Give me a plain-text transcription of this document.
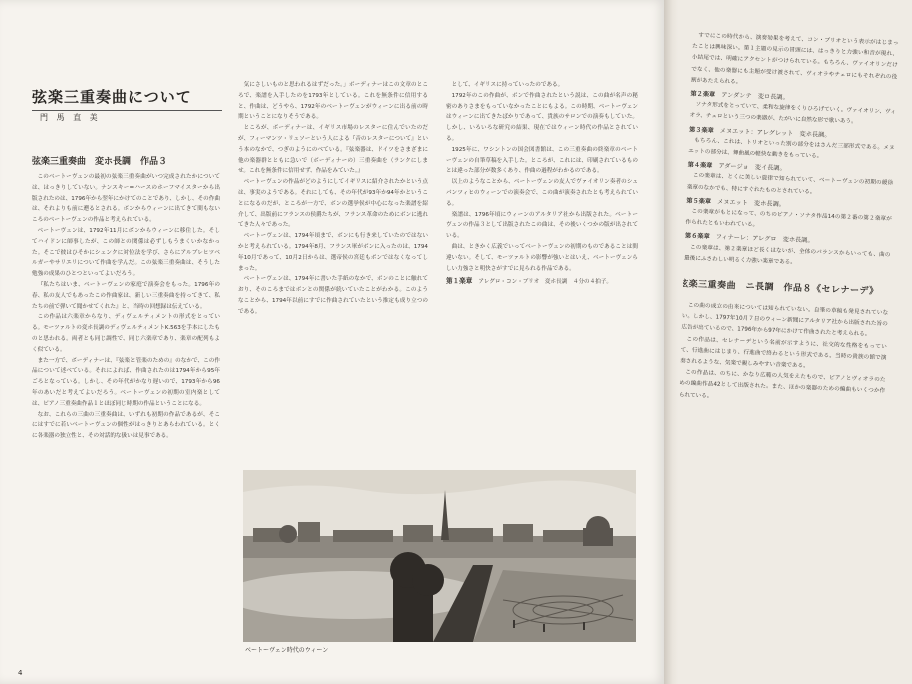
弦楽三重奏曲について
門 馬 直 美
弦楽三重奏曲　変ホ長調　作品３

このベートーヴェンの最初の弦楽三重奏曲がいつ完成されたかについては、はっきりしていない。ナンスキー=ハースのホーフマイスターから出版されたのは、1796年から翌年にかけてのことであり、しかし、その作曲は、それよりも前に遡るとされる。ボンからウィーンに出てきて間もないころのベートーヴェンの作品と考えられている。

ベートーヴェンは、1792年11月にボンからウィーンに移住した。そしてハイドンに師事したが、この師との関係は必ずしもうまくいかなかった。そこで彼はひそかにシェンクに対位法を学び、さらにアルブレヒツベルガーやサリエリについて作曲を学んだ。この弦楽三重奏曲は、そうした勉強の成果のひとつといってよいだろう。

『私たちはいま、ベートーヴェンの家庭で演奏会をもった。1796年の春、私の友人でもあったこの作曲家は、新しい三重奏曲を持ってきて、私たちの前で弾いて聞かせてくれた』と、当時の回想録は伝えている。

この作品は六楽章からなり、ディヴェルティメントの形式をとっている。モーツァルトの変ホ長調のディヴェルティメントK.563を手本にしたものと思われる。両者とも同じ調性で、同じ六楽章であり、楽章の配列もよく似ている。

また一方で、ボーディナーは、『弦楽と管楽のための』のなかで、この作品について述べている。それによれば、作曲されたのは1794年から95年ごろとなっている。しかし、その年代がかなり遅いので、1793年から96年のあいだと考えてよいだろう。ベートーヴェンの初期の室内楽としては、ピアノ三重奏曲作品１とほぼ同じ時期の作品ということになる。

なお、これらの三曲の三重奏曲は、いずれも初期の作品であるが、そこにはすでに若いベートーヴェンの個性がはっきりとあらわれている。とくに各楽器の独立性と、その対話的な扱いは見事である。

気にさしいものと思われるはずだった。」ボーディナーはこの文章のところで、楽譜を入手したのを1793年としている。これを無条件に信用すると、作曲は、どうやら、1792年のベートーヴェンがウィーンに出る前の時期ということになりそうである。

ところが、ボーディナーは、イギリス市場のレスターに住んでいたのだが、フィーマンツ・リュソーという人による『音のレスターについて』という本のなかで、つぎのようにのべている。『弦楽器は、ドイツをさまざまに他の楽器群とともに急いで（ボーディナーの）三重奏曲を（ランクにしませ。これを無条件に信用せず、作品をみていた。』

ベートーヴェンの作品がどのようにしてイギリスに紹介されたかという点は、事実のようである。それにしても、その年代が93年か94年かということになるのだが、ところが一方で、ボンの選挙侯が中心になった楽譜を紹介して、出版前にフランスの侯爵たちが、フランス革命のためにボンに逃れてきた人々であった。

ベートーヴェンは、1794年頃まで、ボンにも行き来していたのではないかと考えられている。1794年8月、フランス軍がボンに入ったのは、1794年10月であって、10月2日からは、選帝侯の宮廷もボンではなくなってしまった。

ベートーヴェンは、1794年に書いた手紙のなかで、ボンのことに触れており、そのころまではボンとの関係が続いていたことがわかる。このようなことから、1794年以前にすでに作曲されていたという推定も成り立つのである。

として、イギリスに持っていったのである。

1792年のこの作曲が、ボンで作曲されたという説は、この曲が名声の秘密のありさまをもっていなかったことにもよる。この時期、ベートーヴェンはウィーンに出てきたばかりであって、貴族のサロンでの演奏もしていた。しかし、いろいろな研究の結果、現在ではウィーン時代の作品とされている。

1925年に、ワシントンの国会図書館は、この三重奏曲の終楽章のベートーヴェンの自筆草稿を入手した。ところが、これには、印刷されているものとは違った部分が数多くあり、作曲の過程がわかるのである。

以上のようなことから、ベートーヴェンの友人でヴァイオリン奏者のシュパンツィヒのウィーンでの演奏会で、この曲が演奏されたとも考えられている。

楽譜は、1796年頃にウィーンのアルタリア社から出版された。ベートーヴェンの作品３として出版されたこの曲は、その後いくつかの版が出されている。

曲は、ときかく広義でいってベートーヴェンの初期のものであることは間違いない。そして、モーツァルトの影響が強いとはいえ、ベートーヴェンらしい力強さと明快さがすでに見られる作品である。

第１楽章 アレグロ・コン・ブリオ　変ホ長調　４分の４拍子。

ベートーヴェン時代のウィーン
4

すでにこの時代から、演奏効果を考えて、コン・ブリオという表示がはじまったことは興味深い。第１主題の見示の冒頭には、はっきりと力強い和音が現れ、小結尾では、明確にアクセントがつけられている。もちろん、ヴァイオリンだけでなく、他の楽器にも主題が受け渡されて、ヴィオラやチェロにもそれぞれの役割があたえられる。

第２楽章 アンダンテ　変ロ長調。

ソナタ形式をとっていて、柔和な旋律をくりひろげていく。ヴァイオリン、ヴィオラ、チェロという三つの楽器が、たがいに自然な形で歌いあう。

第３楽章 メヌエット：アレグレット　変ホ長調。

もちろん、これは、トリオといった別の部分をはさんだ三部形式である。メヌエットの部分は、舞曲風の軽快な動きをもっている。

第４楽章 アダージョ　変イ長調。

この楽章は、とくに美しい旋律で知られていて、ベートーヴェンの初期の緩徐楽章のなかでも、特にすぐれたものとされている。

第５楽章 メヌエット　変ホ長調。

この楽章がもとになって、のちのピアノ・ソナタ作品14の第２番の第２楽章が作られたともいわれている。

第６楽章 フィナーレ：アレグロ　変ホ長調。

この楽章は、第２楽章ほど長くはないが、全体のバランスからいっても、曲の最後にふさわしい明るく力強い楽章である。

弦楽三重奏曲　ニ長調　作品８《セレナーデ》

この曲の成立の由来については知られていない。自筆の草稿も発見されていない。しかし、1797年10月７日のウィーン新聞にアルタリア社から出版された旨の広告が出ているので、1796年から97年にかけて作曲されたと考えられる。

この作品は、セレナーデという名前が示すように、社交的な性格をもっていて、行進曲にはじまり、行進曲で終わるという形式である。当時の貴族の館で演奏されるような、気楽で親しみやすい音楽である。

この作品は、のちに、かなり広範の人気をえたもので、ピアノとヴィオラのための編曲作品42として出版された。また、ほかの楽器のための編曲もいくつか作られている。
